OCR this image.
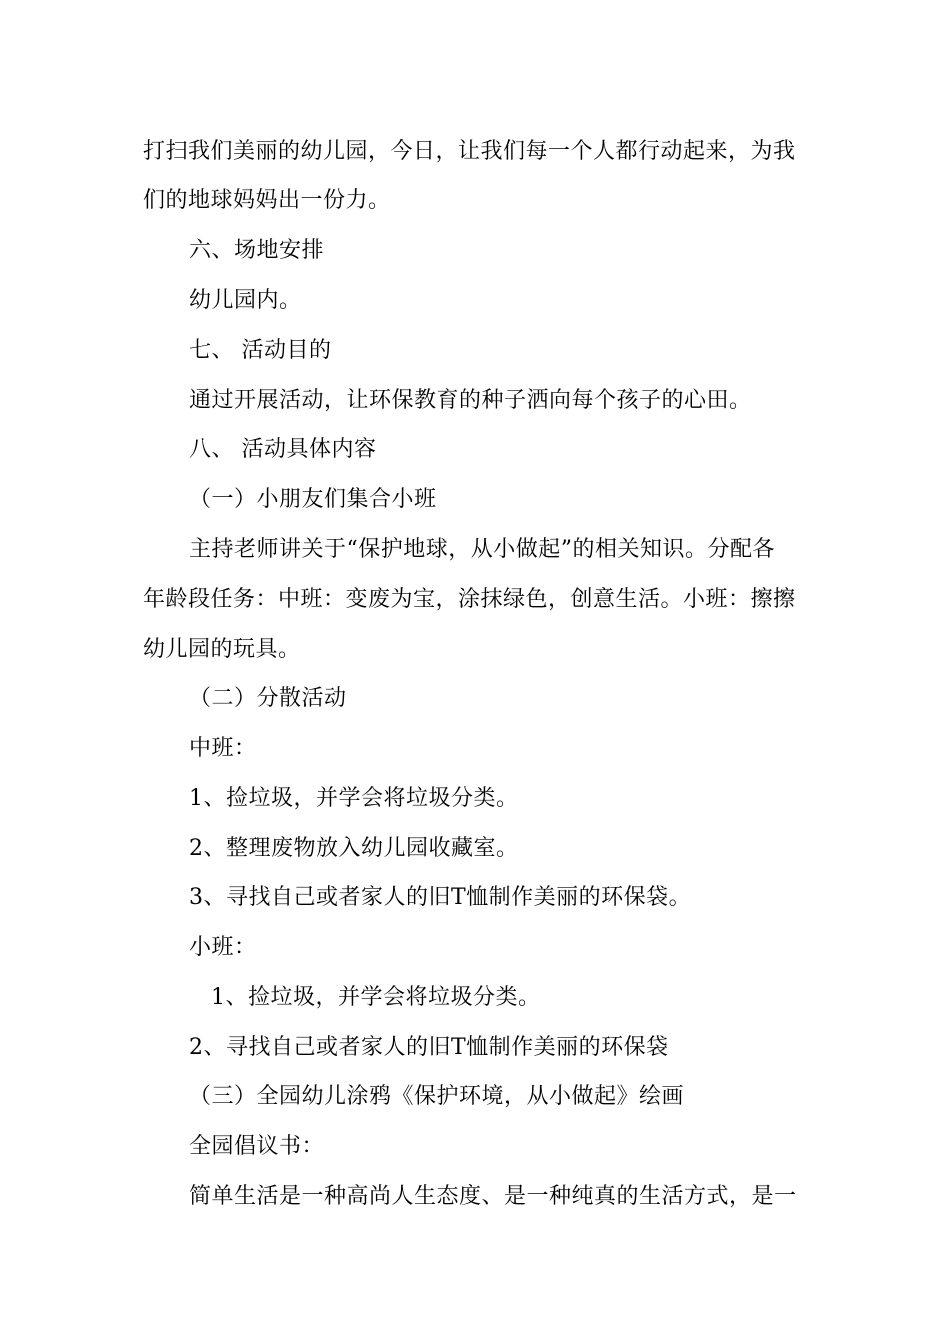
打扫我们美丽的幼儿园，今日，让我们每一个人都行动起来，为我
们的地球妈妈出一份力。
六、场地安排
幼儿园内。
七、 活动目的
通过开展活动，让环保教育的种子洒向每个孩子的心田。
八、 活动具体内容
（一）小朋友们集合小班
主持老师讲关于“保护地球，从小做起”的相关知识。分配各
年龄段任务：中班：变废为宝，涂抹绿色，创意生活。小班：擦擦
幼儿园的玩具。
（二）分散活动
中班：
1、捡垃圾，并学会将垃圾分类。
2、整理废物放入幼儿园收藏室。
3、寻找自己或者家人的旧T恤制作美丽的环保袋。
小班：
1、捡垃圾，并学会将垃圾分类。
2、寻找自己或者家人的旧T恤制作美丽的环保袋
（三）全园幼儿涂鸦《保护环境，从小做起》绘画
全园倡议书：
简单生活是一种高尚人生态度、是一种纯真的生活方式，是一
